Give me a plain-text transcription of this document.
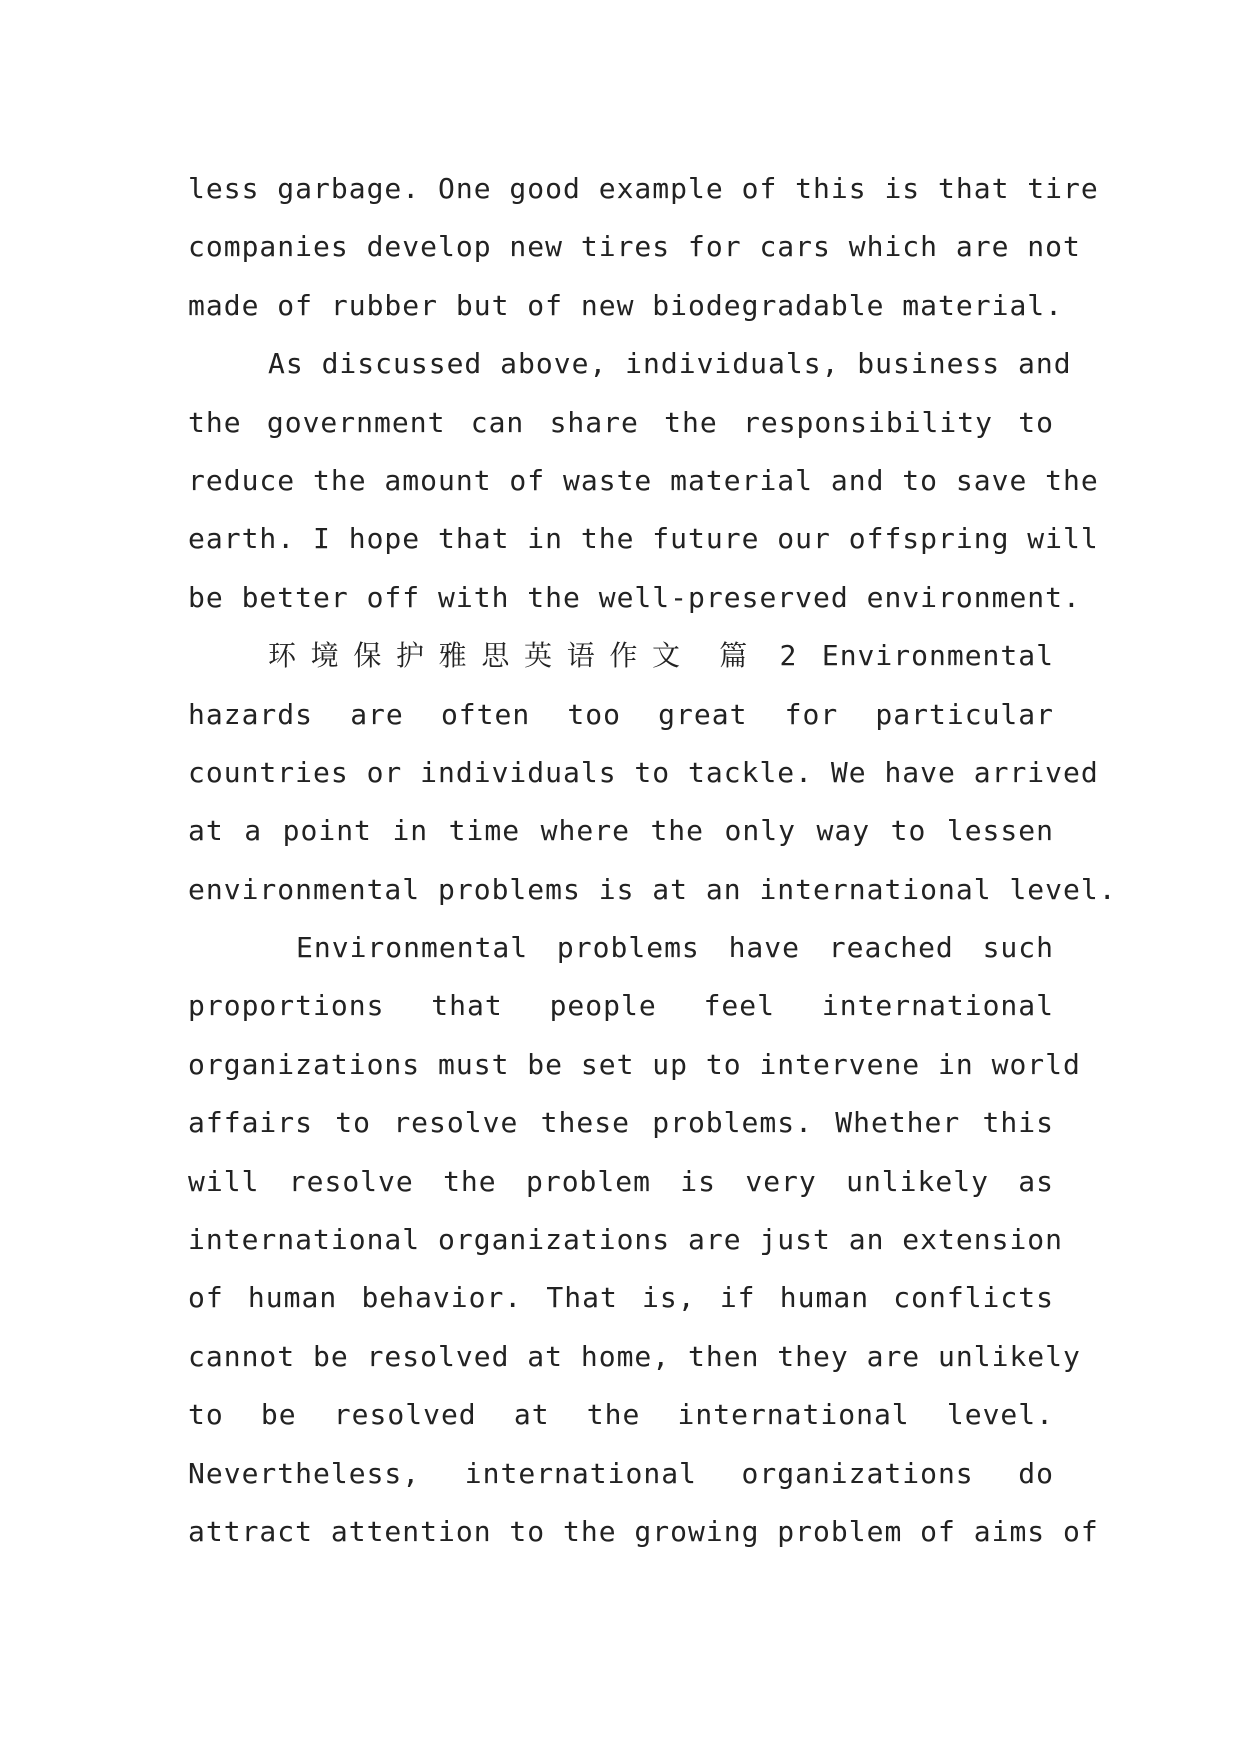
less garbage. One good example of this is that tire
companies develop new tires for cars which are not
made of rubber but of new biodegradable material.
As discussed above, individuals, business and
the government can share the responsibility to
reduce the amount of waste material and to save the
earth. I hope that in the future our offspring will
be better off with the well-preserved environment.
环境保护雅思英语作文 篇 2 Environmental
hazards are often too great for particular
countries or individuals to tackle. We have arrived
at a point in time where the only way to lessen
environmental problems is at an international level.
Environmental problems have reached such
proportions that people feel international
organizations must be set up to intervene in world
affairs to resolve these problems. Whether this
will resolve the problem is very unlikely as
international organizations are just an extension
of human behavior. That is, if human conflicts
cannot be resolved at home, then they are unlikely
to be resolved at the international level.
Nevertheless, international organizations do
attract attention to the growing problem of aims of
